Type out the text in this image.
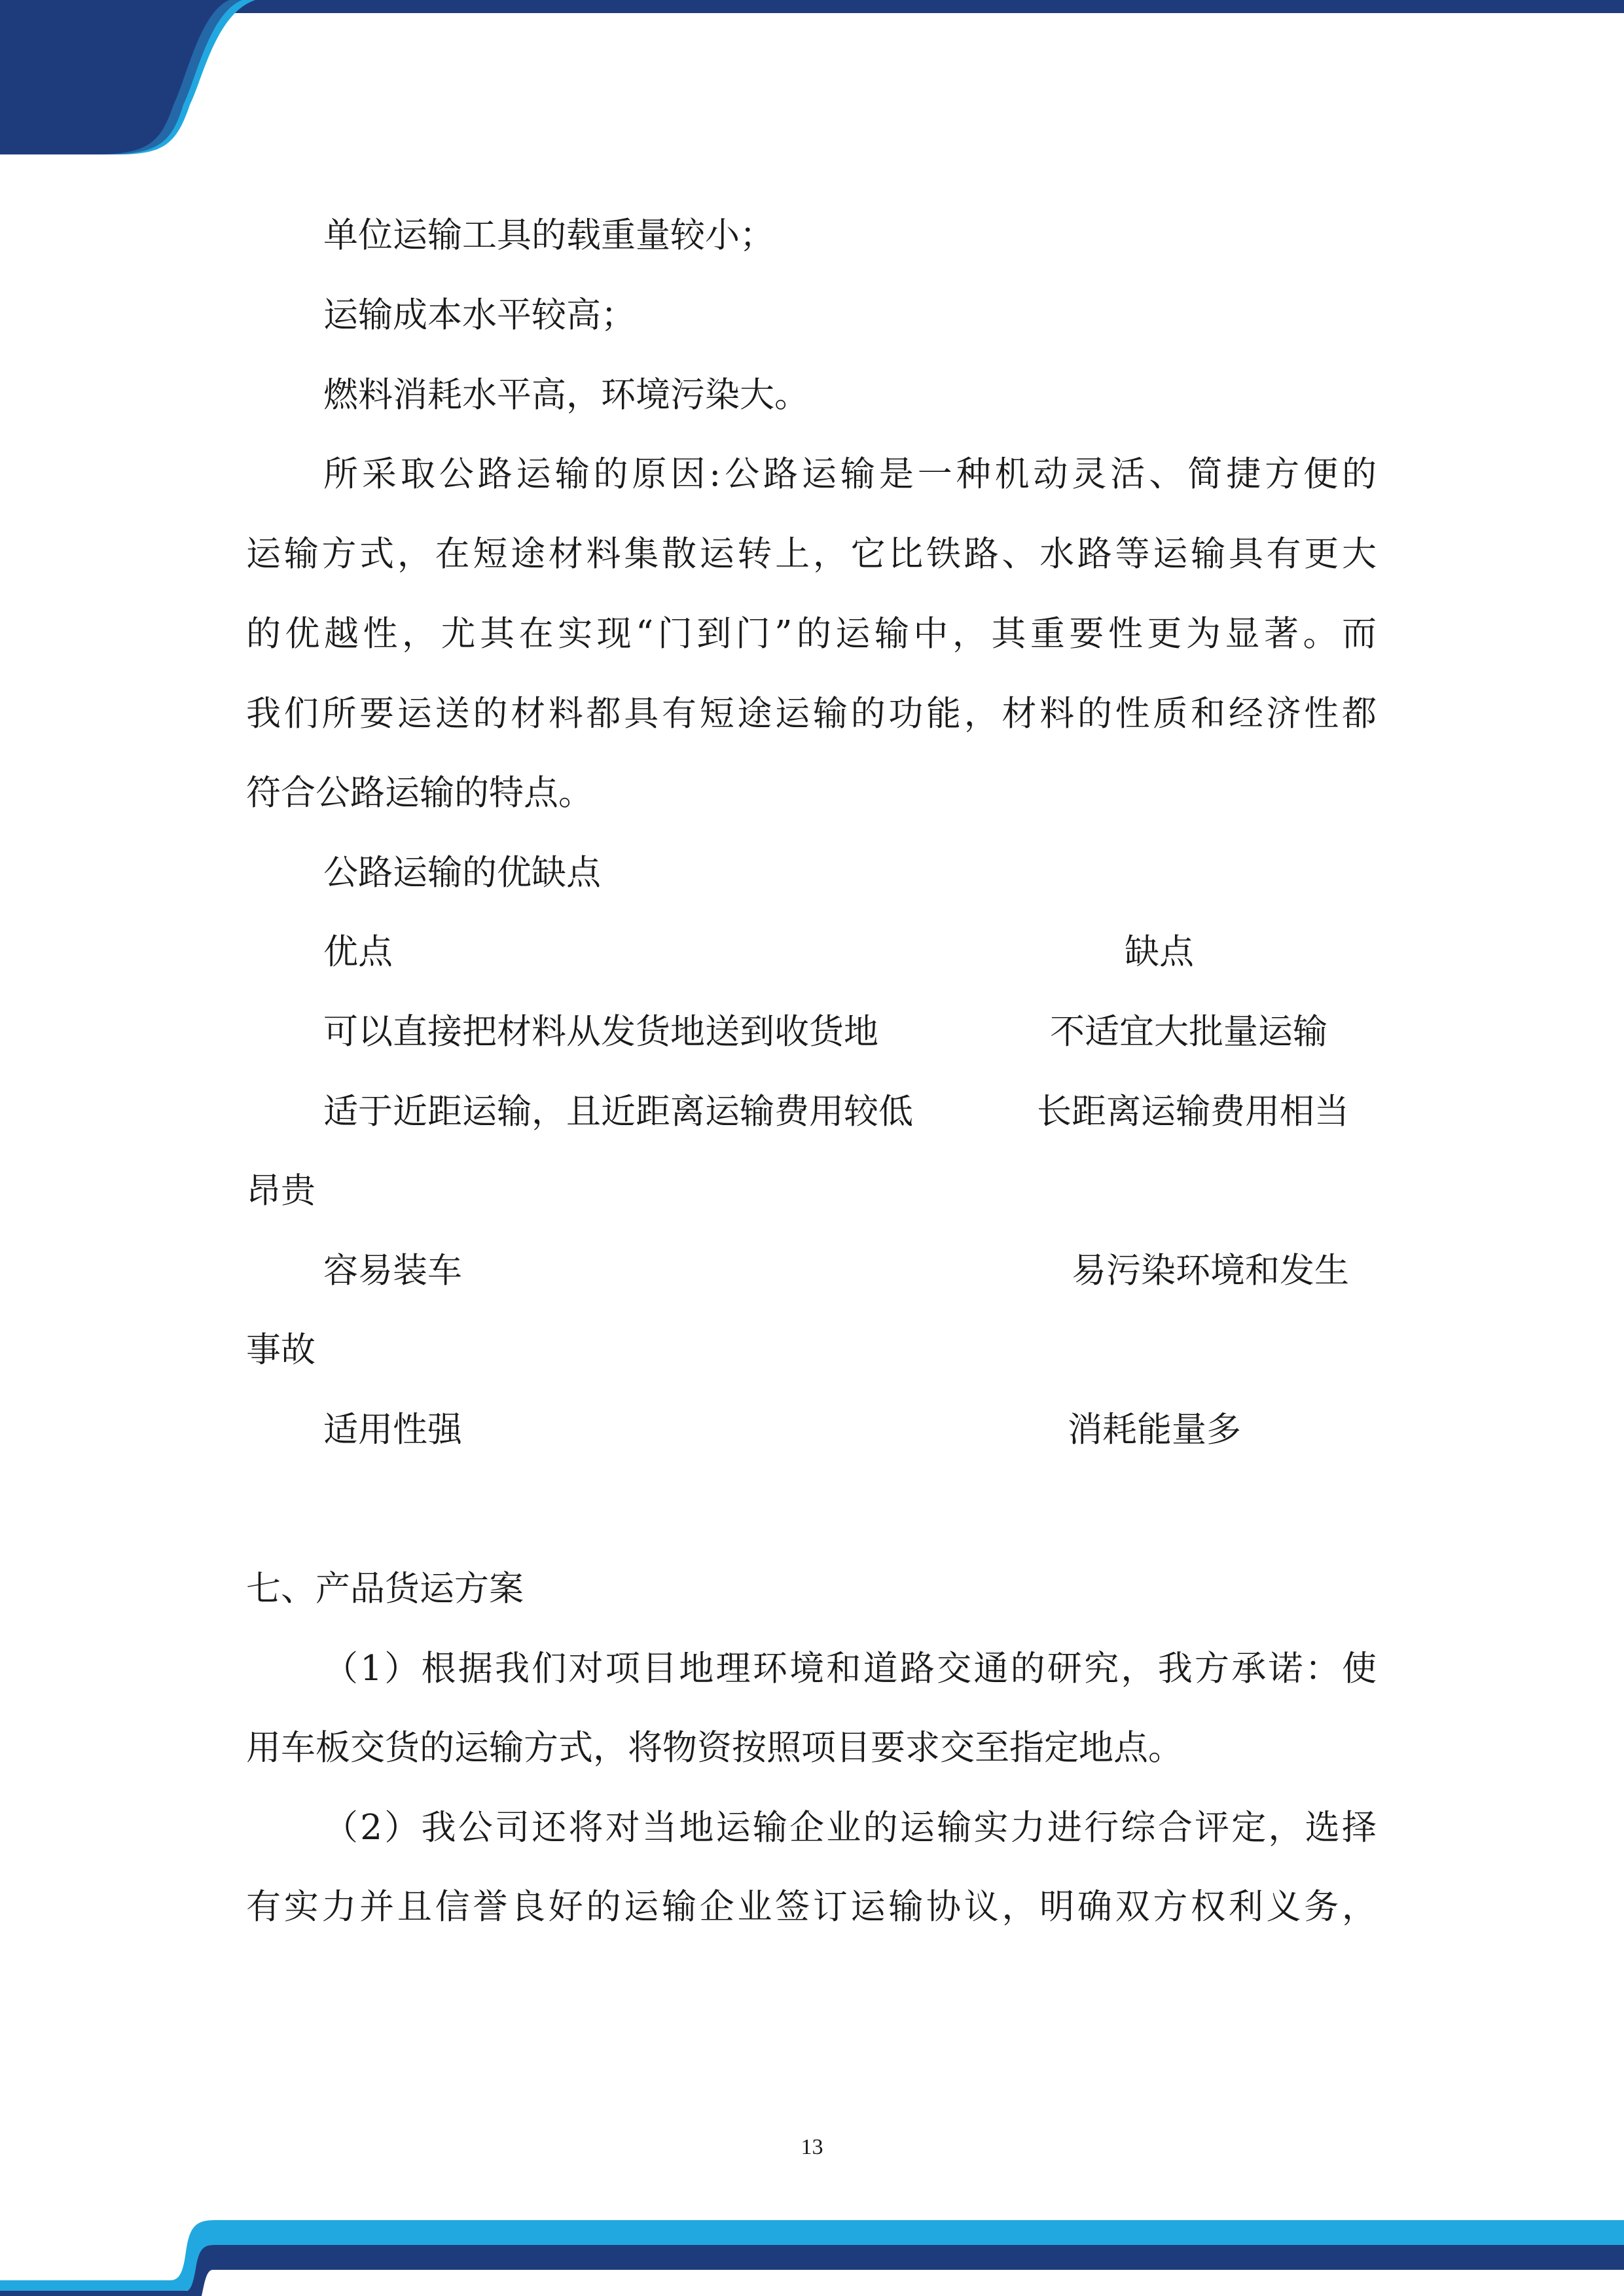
单位运输工具的载重量较小；
运输成本水平较高；
燃料消耗水平高，环境污染大。
所采取公路运输的原因:公路运输是一种机动灵活、简捷方便的
运输方式，在短途材料集散运转上，它比铁路、水路等运输具有更大
的优越性，尤其在实现“门到门”的运输中，其重要性更为显著。而
我们所要运送的材料都具有短途运输的功能，材料的性质和经济性都
符合公路运输的特点。
公路运输的优缺点
优点	缺点
可以直接把材料从发货地送到收货地	不适宜大批量运输
适于近距运输，且近距离运输费用较低	长距离运输费用相当
昂贵
容易装车	易污染环境和发生
事故
适用性强	消耗能量多
七、产品货运方案
（1）根据我们对项目地理环境和道路交通的研究，我方承诺：使
用车板交货的运输方式，将物资按照项目要求交至指定地点。
（2）我公司还将对当地运输企业的运输实力进行综合评定，选择
有实力并且信誉良好的运输企业签订运输协议，明确双方权利义务，
13
